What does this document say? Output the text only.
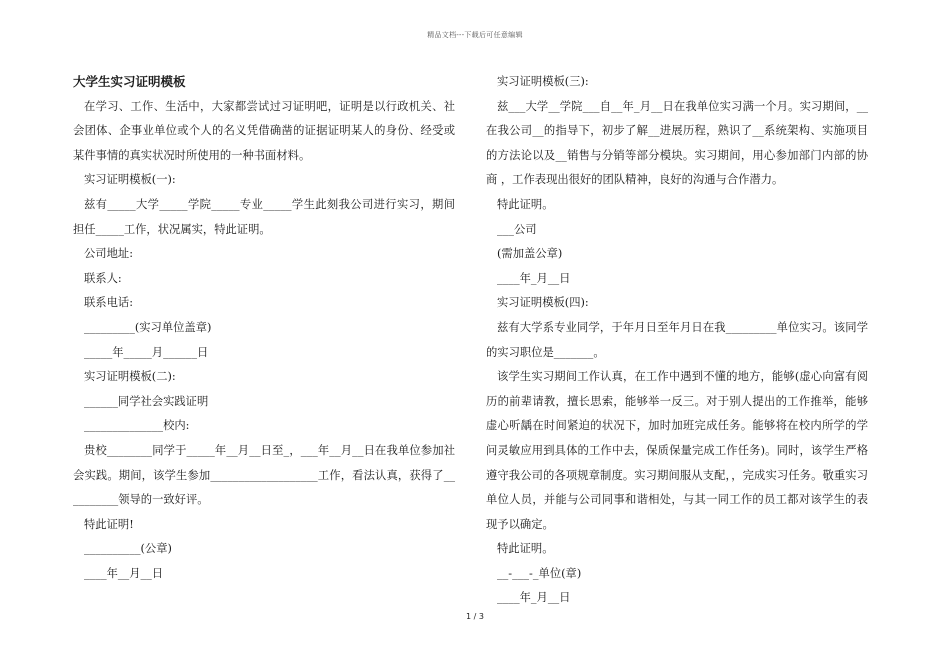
精品文档---下载后可任意编辑

大学生实习证明模板

在学习、工作、生活中，大家都尝试过习证明吧，证明是以行政机关、社会团体、企事业单位或个人的名义凭借确凿的证据证明某人的身份、经受或某件事情的真实状况时所使用的一种书面材料。

实习证明模板(一):

兹有_____大学_____学院_____专业_____学生此刻我公司进行实习，期间担任_____工作，状况属实，特此证明。

公司地址:

联系人:

联系电话:

_________(实习单位盖章)

_____年_____月______日

实习证明模板(二):

______同学社会实践证明

______________校内:

贵校________同学于_____年__月__日至_，___年__月__日在我单位参加社会实践。期间，该学生参加___________________工作，看法认真，获得了__________领导的一致好评。

特此证明!

__________(公章)

____年__月__日

实习证明模板(三):

兹___大学__学院___自__年_月__日在我单位实习满一个月。实习期间，__在我公司__的指导下，初步了解__进展历程，熟识了__系统架构、实施项目的方法论以及__销售与分销等部分模块。实习期间，用心参加部门内部的协商 ，工作表现出很好的团队精神，良好的沟通与合作潜力。

特此证明。

___公司

(需加盖公章)

____年_月__日

实习证明模板(四):

兹有大学系专业同学，于年月日至年月日在我_________单位实习。该同学的实习职位是_______。

该学生实习期间工作认真，在工作中遇到不懂的地方，能够(虚心向富有阅历的前辈请教，擅长思索，能够举一反三。对于别人提出的工作推举，能够虚心听龋在时间紧迫的状况下，加时加班完成任务。能够将在校内所学的学问灵敏应用到具体的工作中去，保质保量完成工作任务)。同时，该学生严格遵守我公司的各项规章制度。实习期间服从支配，，完成实习任务。敬重实习单位人员，并能与公司同事和谐相处，与其一同工作的员工都对该学生的表现予以确定。

特此证明。

__-___-_单位(章)

____年_月__日

1 / 3
